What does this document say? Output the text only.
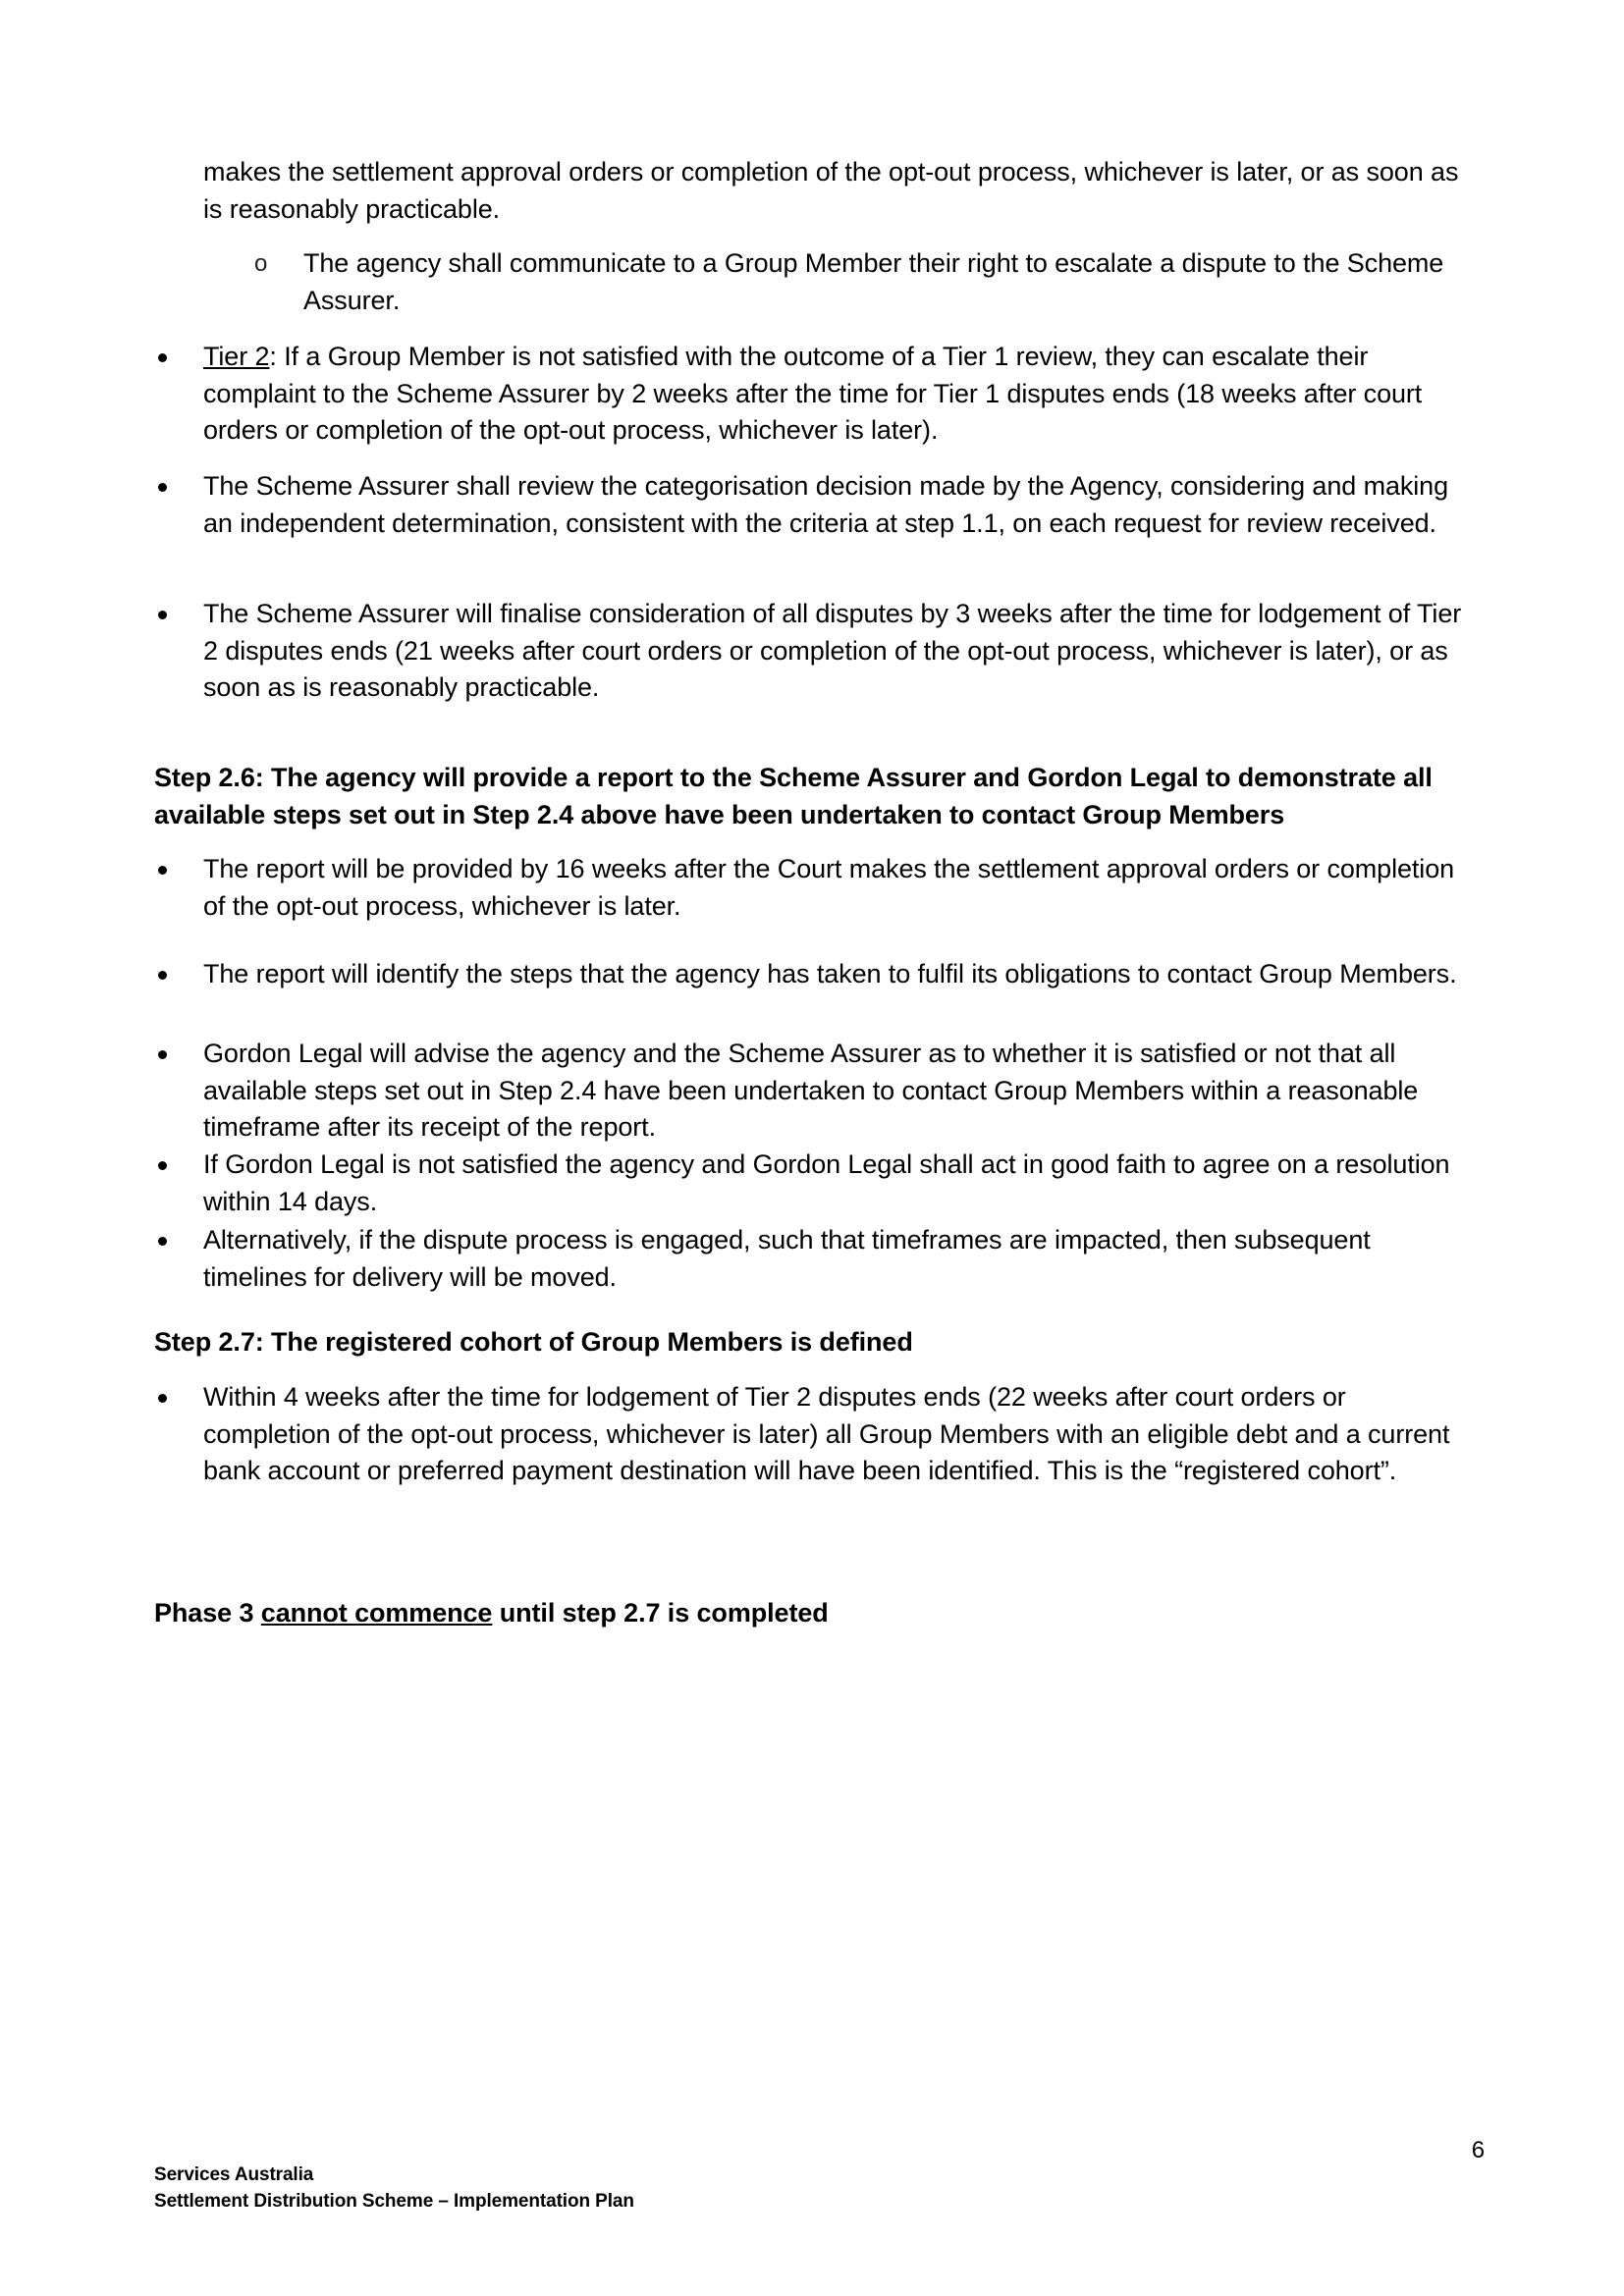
makes the settlement approval orders or completion of the opt-out process, whichever is later, or as soon as is reasonably practicable.
o The agency shall communicate to a Group Member their right to escalate a dispute to the Scheme Assurer.
Tier 2: If a Group Member is not satisfied with the outcome of a Tier 1 review, they can escalate their complaint to the Scheme Assurer by 2 weeks after the time for Tier 1 disputes ends (18 weeks after court orders or completion of the opt-out process, whichever is later).
The Scheme Assurer shall review the categorisation decision made by the Agency, considering and making an independent determination, consistent with the criteria at step 1.1, on each request for review received.
The Scheme Assurer will finalise consideration of all disputes by 3 weeks after the time for lodgement of Tier 2 disputes ends (21 weeks after court orders or completion of the opt-out process, whichever is later), or as soon as is reasonably practicable.
Step 2.6: The agency will provide a report to the Scheme Assurer and Gordon Legal to demonstrate all available steps set out in Step 2.4 above have been undertaken to contact Group Members
The report will be provided by 16 weeks after the Court makes the settlement approval orders or completion of the opt-out process, whichever is later.
The report will identify the steps that the agency has taken to fulfil its obligations to contact Group Members.
Gordon Legal will advise the agency and the Scheme Assurer as to whether it is satisfied or not that all available steps set out in Step 2.4 have been undertaken to contact Group Members within a reasonable timeframe after its receipt of the report.
If Gordon Legal is not satisfied the agency and Gordon Legal shall act in good faith to agree on a resolution within 14 days.
Alternatively, if the dispute process is engaged, such that timeframes are impacted, then subsequent timelines for delivery will be moved.
Step 2.7: The registered cohort of Group Members is defined
Within 4 weeks after the time for lodgement of Tier 2 disputes ends (22 weeks after court orders or completion of the opt-out process, whichever is later) all Group Members with an eligible debt and a current bank account or preferred payment destination will have been identified. This is the “registered cohort”.
Phase 3 cannot commence until step 2.7 is completed
6
Services Australia
Settlement Distribution Scheme – Implementation Plan
